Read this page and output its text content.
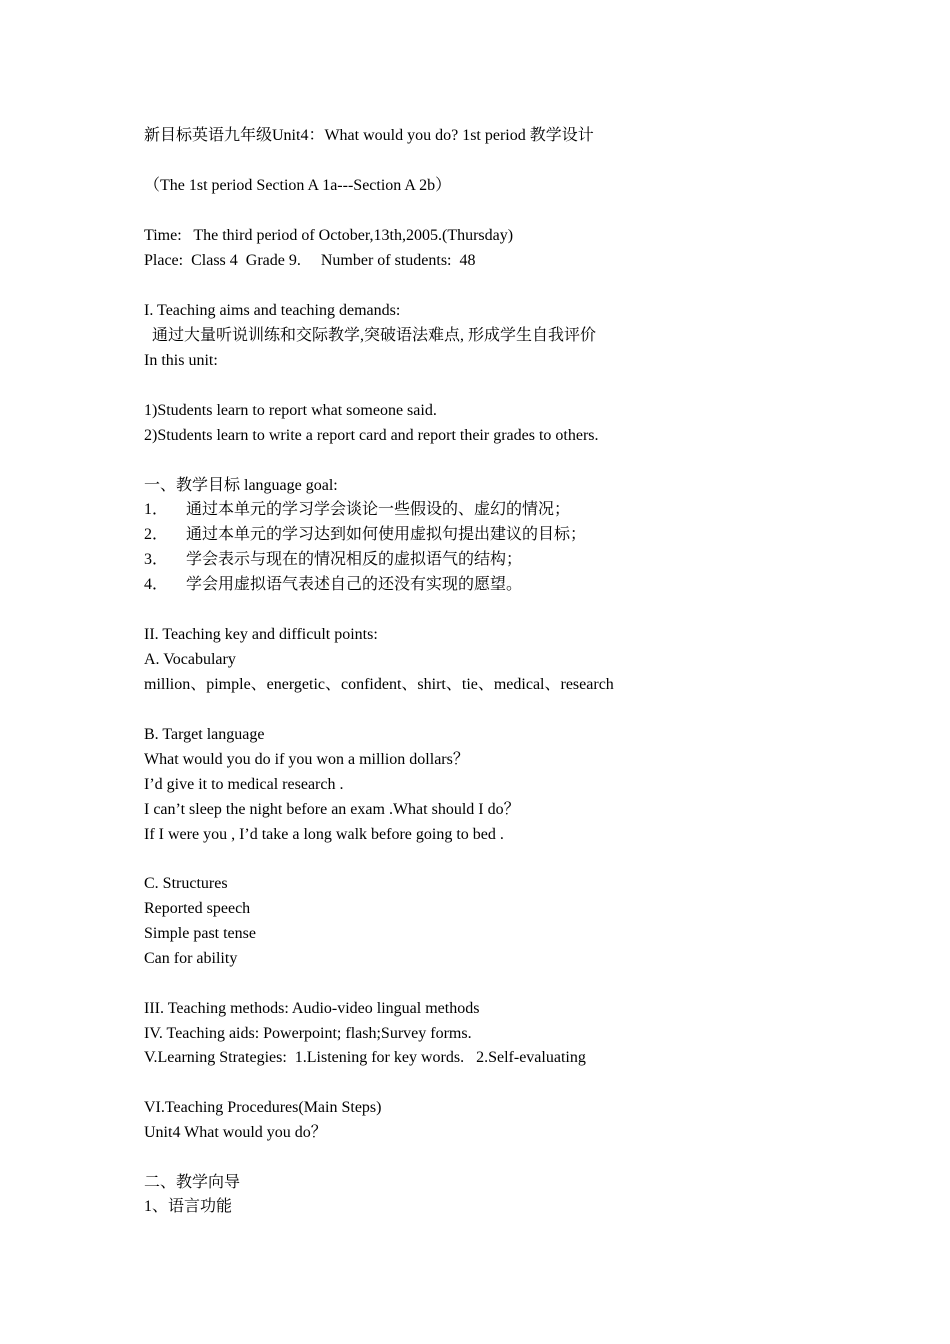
新目标英语九年级Unit4：What would you do? 1st period 教学设计
（The 1st period Section A 1a---Section A 2b）
Time:   The third period of October,13th,2005.(Thursday)
Place:  Class 4  Grade 9.     Number of students:  48
I. Teaching aims and teaching demands:
通过大量听说训练和交际教学,突破语法难点, 形成学生自我评价
In this unit:
1)Students learn to report what someone said.
2)Students learn to write a report card and report their grades to others.
一、教学目标 language goal:
1． 通过本单元的学习学会谈论一些假设的、虚幻的情况；
2． 通过本单元的学习达到如何使用虚拟句提出建议的目标；
3． 学会表示与现在的情况相反的虚拟语气的结构；
4． 学会用虚拟语气表述自己的还没有实现的愿望。
II. Teaching key and difficult points:
A. Vocabulary
million、pimple、energetic、confident、shirt、tie、medical、research
B. Target language
What would you do if you won a million dollars？
I’d give it to medical research .
I can’t sleep the night before an exam .What should I do？
If I were you , I’d take a long walk before going to bed .
C. Structures
Reported speech
Simple past tense
Can for ability
III. Teaching methods: Audio-video lingual methods
IV. Teaching aids: Powerpoint; flash;Survey forms.
V.Learning Strategies:  1.Listening for key words.   2.Self-evaluating
VI.Teaching Procedures(Main Steps)
Unit4 What would you do？
二、教学向导
1、语言功能
